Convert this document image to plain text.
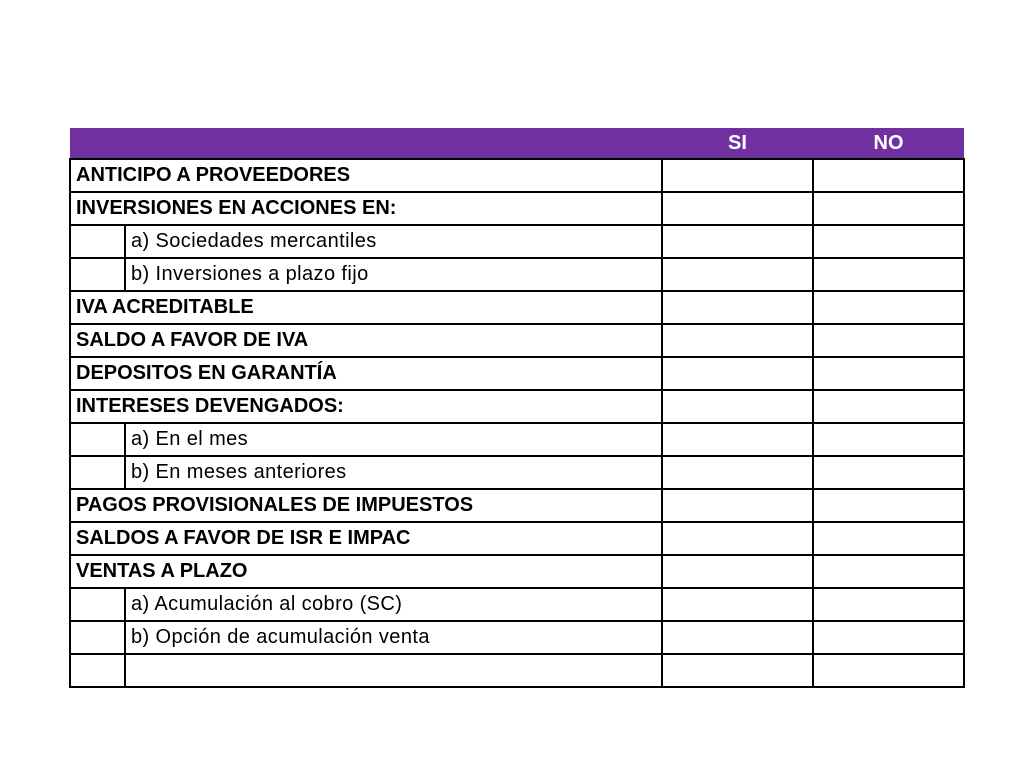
		SI	NO
ANTICIPO A PROVEEDORES			
INVERSIONES EN ACCIONES EN:			
	a) Sociedades mercantiles		
	b) Inversiones a plazo fijo		
IVA ACREDITABLE			
SALDO A FAVOR DE IVA			
DEPOSITOS EN GARANTÍA			
INTERESES DEVENGADOS:			
	a) En el mes		
	b) En meses anteriores		
PAGOS PROVISIONALES DE IMPUESTOS			
SALDOS A FAVOR DE ISR E IMPAC			
VENTAS A PLAZO			
	a) Acumulación al cobro (SC)		
	b) Opción de acumulación venta		
